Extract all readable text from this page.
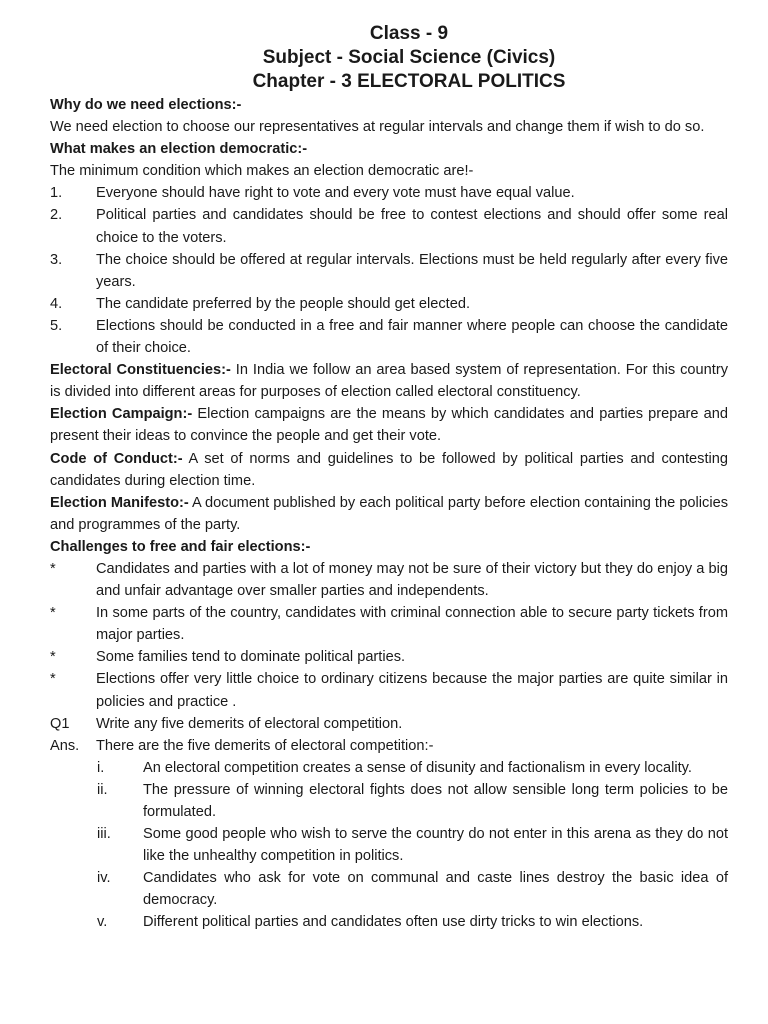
Class - 9
Subject - Social Science (Civics)
Chapter - 3 ELECTORAL POLITICS

Why do we need elections:-

We need election to choose our representatives at regular intervals and change them if wish to do so.

What makes an election democratic:-

The minimum condition which makes an election democratic are!-

1. Everyone should have right to vote and every vote must have equal value.

2. Political parties and candidates should be free to contest elections and should offer some real choice to the voters.

3. The choice should be offered at regular intervals. Elections must be held regularly after every five years.

4. The candidate preferred by the people should get elected.

5. Elections should be conducted in a free and fair manner where people can choose the candidate of their choice.

Electoral Constituencies:- In India we follow an area based system of representation. For this country is divided into different areas for purposes of election called electoral constituency.

Election Campaign:- Election campaigns are the means by which candidates and parties prepare and present their ideas to convince the people and get their vote.

Code of Conduct:- A set of norms and guidelines to be followed by political parties and contesting candidates during election time.

Election Manifesto:- A document published by each political party before election containing the policies and programmes of the party.

Challenges to free and fair elections:-

*	Candidates and parties with a lot of money may not be sure of their victory but they do enjoy a big and unfair advantage over smaller parties and independents.

*	In some parts of the country, candidates with criminal connection able to secure party tickets from major parties.

*	Some families tend to dominate political parties.

*	Elections offer very little choice to ordinary citizens because the major parties are quite similar in policies and practice .

Q1 Write any five demerits of electoral competition.

Ans. There are the five demerits of electoral competition:-

i.	An electoral competition creates a sense of disunity and factionalism in every locality.

ii. The pressure of winning electoral fights does not allow sensible long term policies to be formulated.

iii. Some good people who wish to serve the country do not enter in this arena as they do not like the unhealthy competition in politics.

iv. Candidates who ask for vote on communal and caste lines destroy the basic idea of democracy.

v. Different political parties and candidates often use dirty tricks to win elections.
